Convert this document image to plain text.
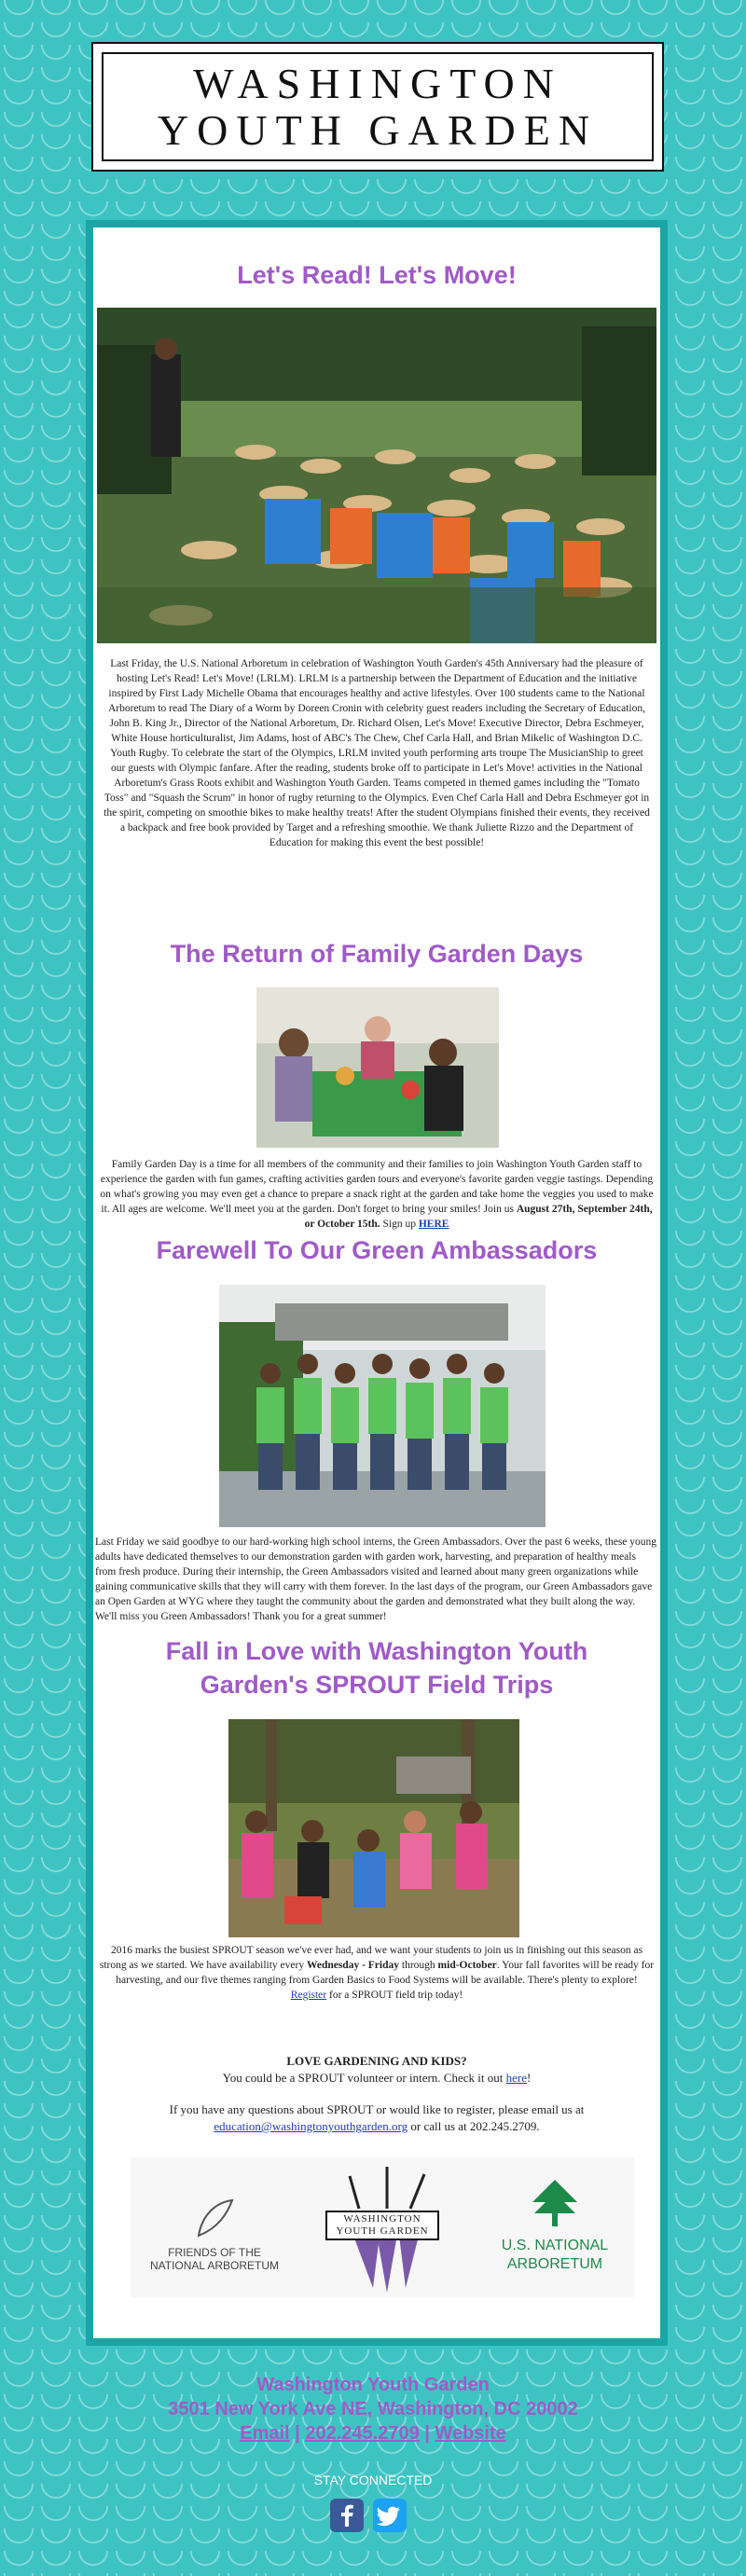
WASHINGTON
YOUTH GARDEN
Let's Read! Let's Move!
Last Friday, the U.S. National Arboretum in celebration of Washington Youth Garden's 45th Anniversary had the pleasure of hosting Let's Read! Let's Move! (LRLM). LRLM is a partnership between the Department of Education and the initiative inspired by First Lady Michelle Obama that encourages healthy and active lifestyles. Over 100 students came to the National Arboretum to read The Diary of a Worm by Doreen Cronin with celebrity guest readers including the Secretary of Education, John B. King Jr., Director of the National Arboretum, Dr. Richard Olsen, Let's Move! Executive Director, Debra Eschmeyer, White House horticulturalist, Jim Adams, host of ABC's The Chew, Chef Carla Hall, and Brian Mikelic of Washington D.C. Youth Rugby. To celebrate the start of the Olympics, LRLM invited youth performing arts troupe The MusicianShip to greet our guests with Olympic fanfare. After the reading, students broke off to participate in Let's Move! activities in the National Arboretum's Grass Roots exhibit and Washington Youth Garden. Teams competed in themed games including the "Tomato Toss" and "Squash the Scrum" in honor of rugby returning to the Olympics. Even Chef Carla Hall and Debra Eschmeyer got in the spirit, competing on smoothie bikes to make healthy treats! After the student Olympians finished their events, they received a backpack and free book provided by Target and a refreshing smoothie. We thank Juliette Rizzo and the Department of Education for making this event the best possible!
The Return of Family Garden Days
Family Garden Day is a time for all members of the community and their families to join Washington Youth Garden staff to experience the garden with fun games, crafting activities garden tours and everyone's favorite garden veggie tastings. Depending on what's growing you may even get a chance to prepare a snack right at the garden and take home the veggies you used to make it. All ages are welcome. We'll meet you at the garden. Don't forget to bring your smiles! Join us August 27th, September 24th, or October 15th. Sign up HERE
Farewell To Our Green Ambassadors
Last Friday we said goodbye to our hard-working high school interns, the Green Ambassadors. Over the past 6 weeks, these young adults have dedicated themselves to our demonstration garden with garden work, harvesting, and preparation of healthy meals from fresh produce. During their internship, the Green Ambassadors visited and learned about many green organizations while gaining communicative skills that they will carry with them forever. In the last days of the program, our Green Ambassadors gave an Open Garden at WYG where they taught the community about the garden and demonstrated what they built along the way. We'll miss you Green Ambassadors! Thank you for a great summer!
Fall in Love with Washington Youth
Garden's SPROUT Field Trips
2016 marks the busiest SPROUT season we've ever had, and we want your students to join us in finishing out this season as strong as we started. We have availability every Wednesday - Friday through mid-October. Your fall favorites will be ready for harvesting, and our five themes ranging from Garden Basics to Food Systems will be available. There's plenty to explore!
Register for a SPROUT field trip today!
LOVE GARDENING AND KIDS?
You could be a SPROUT volunteer or intern. Check it out here!
If you have any questions about SPROUT or would like to register, please email us at education@washingtonyouthgarden.org or call us at 202.245.2709.
FRIENDS OF THE
NATIONAL ARBORETUM
WASHINGTON
YOUTH GARDEN
U.S. NATIONAL
ARBORETUM
Washington Youth Garden
3501 New York Ave NE, Washington, DC 20002
Email | 202.245.2709 | Website
STAY CONNECTED
